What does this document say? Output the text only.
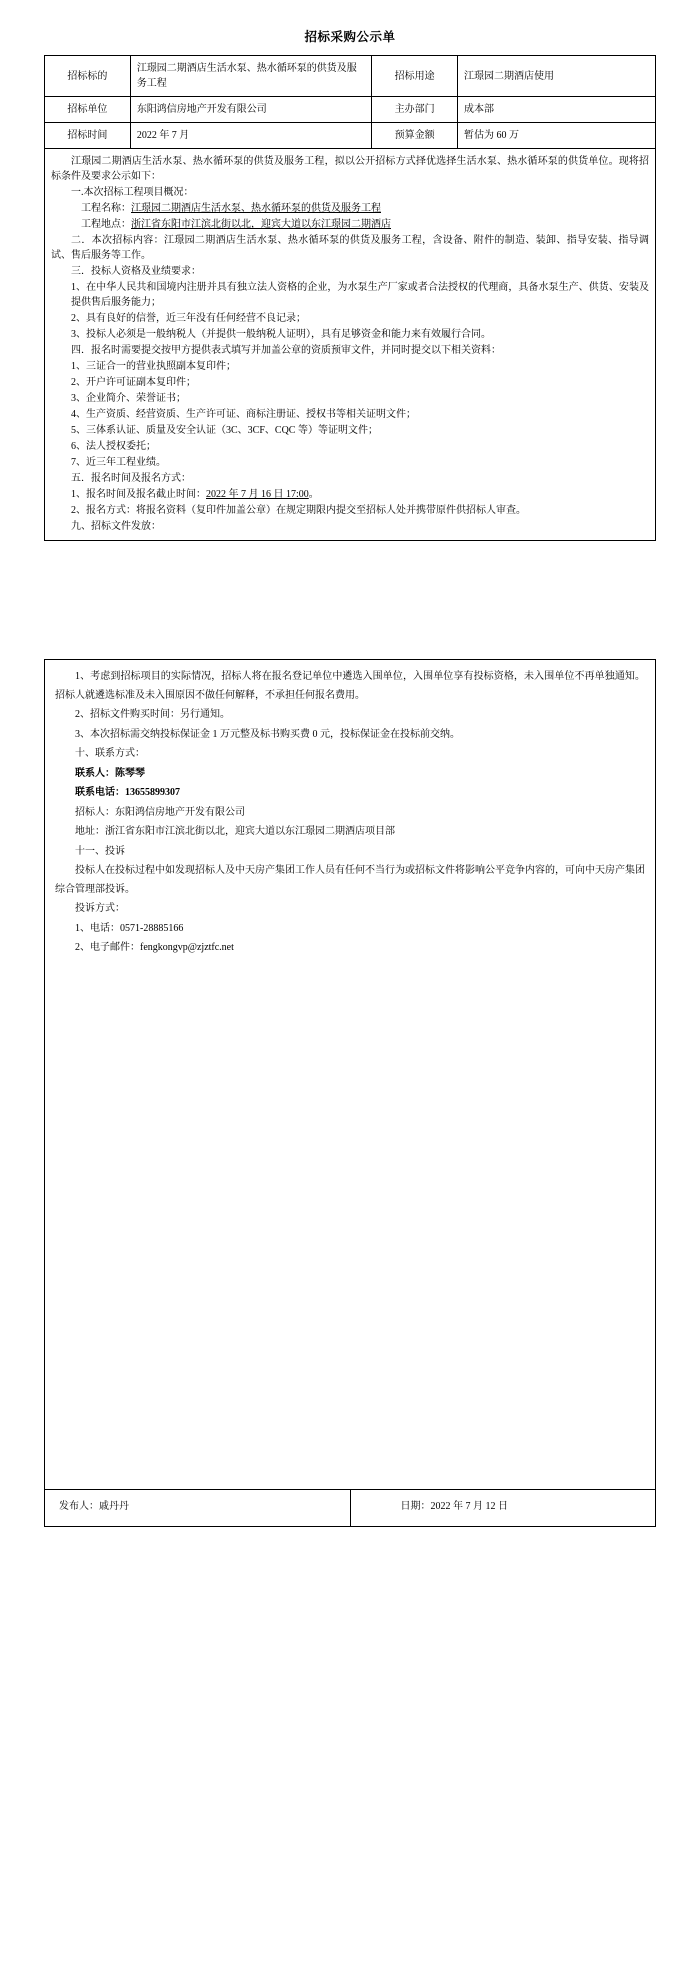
招标采购公示单
招标标的	江璟园二期酒店生活水泵、热水循环泵的供货及服务工程	招标用途	江璟园二期酒店使用
招标单位	东阳鸿信房地产开发有限公司	主办部门	成本部
招标时间	2022 年 7 月	预算金额	暂估为 60 万

江璟园二期酒店生活水泵、热水循环泵的供货及服务工程，拟以公开招标方式择优选择生活水泵、热水循环泵的供货单位。现将招标条件及要求公示如下：
一.本次招标工程项目概况：
工程名称：江璟园二期酒店生活水泵、热水循环泵的供货及服务工程
工程地点：浙江省东阳市江滨北街以北，迎宾大道以东江璟园二期酒店
二．本次招标内容：江璟园二期酒店生活水泵、热水循环泵的供货及服务工程，含设备、附件的制造、装卸、指导安装、指导调试、售后服务等工作。
三．投标人资格及业绩要求：
1、在中华人民共和国境内注册并具有独立法人资格的企业，为水泵生产厂家或者合法授权的代理商，具备水泵生产、供货、安装及提供售后服务能力；
2、具有良好的信誉，近三年没有任何经营不良记录；
3、投标人必须是一般纳税人（并提供一般纳税人证明），具有足够资金和能力来有效履行合同。
四．报名时需要提交按甲方提供表式填写并加盖公章的资质预审文件，并同时提交以下相关资料：
1、三证合一的营业执照副本复印件；
2、开户许可证副本复印件；
3、企业简介、荣誉证书；
4、生产资质、经营资质、生产许可证、商标注册证、授权书等相关证明文件；
5、三体系认证、质量及安全认证（3C、3CF、CQC 等）等证明文件；
6、法人授权委托；
7、近三年工程业绩。
五．报名时间及报名方式：
1、报名时间及报名截止时间：2022 年 7 月 16 日 17:00。
2、报名方式：将报名资料（复印件加盖公章）在规定期限内提交至招标人处并携带原件供招标人审查。
九、招标文件发放：
1、考虑到招标项目的实际情况，招标人将在报名登记单位中遴选入围单位，入围单位享有投标资格，未入围单位不再单独通知。招标人就遴选标准及未入围原因不做任何解释，不承担任何报名费用。
2、招标文件购买时间：另行通知。
3、本次招标需交纳投标保证金 1 万元整及标书购买费 0 元，投标保证金在投标前交纳。
十、联系方式：
联系人：陈琴琴
联系电话：13655899307
招标人：东阳鸿信房地产开发有限公司
地址：浙江省东阳市江滨北街以北，迎宾大道以东江璟园二期酒店项目部
十一、投诉
投标人在投标过程中如发现招标人及中天房产集团工作人员有任何不当行为或招标文件将影响公平竞争内容的，可向中天房产集团综合管理部投诉。
投诉方式：
1、电话：0571-28885166
2、电子邮件：fengkongvp@zjztfc.net

发布人：戚丹丹	日期：2022 年 7 月 12 日
